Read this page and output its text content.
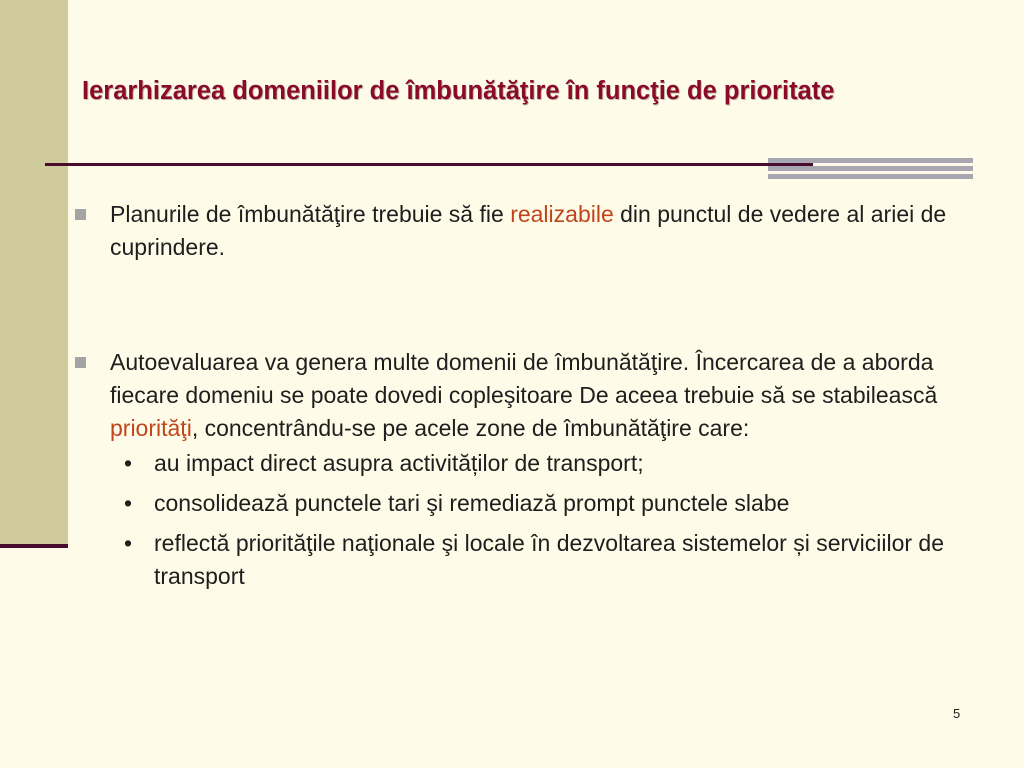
Ierarhizarea domeniilor de îmbunătăţire în funcţie de prioritate
Planurile de îmbunătăţire trebuie să fie realizabile din punctul de vedere al ariei de cuprindere.
Autoevaluarea va genera multe domenii de îmbunătăţire. Încercarea de a aborda fiecare domeniu se poate dovedi copleşitoare De aceea trebuie să se stabilească priorităţi, concentrându-se pe acele zone de îmbunătăţire care:
• au impact direct asupra activităților de transport;
• consolidează punctele tari şi remediază prompt punctele slabe
• reflectă priorităţile naţionale şi locale în dezvoltarea sistemelor și serviciilor de transport
5
